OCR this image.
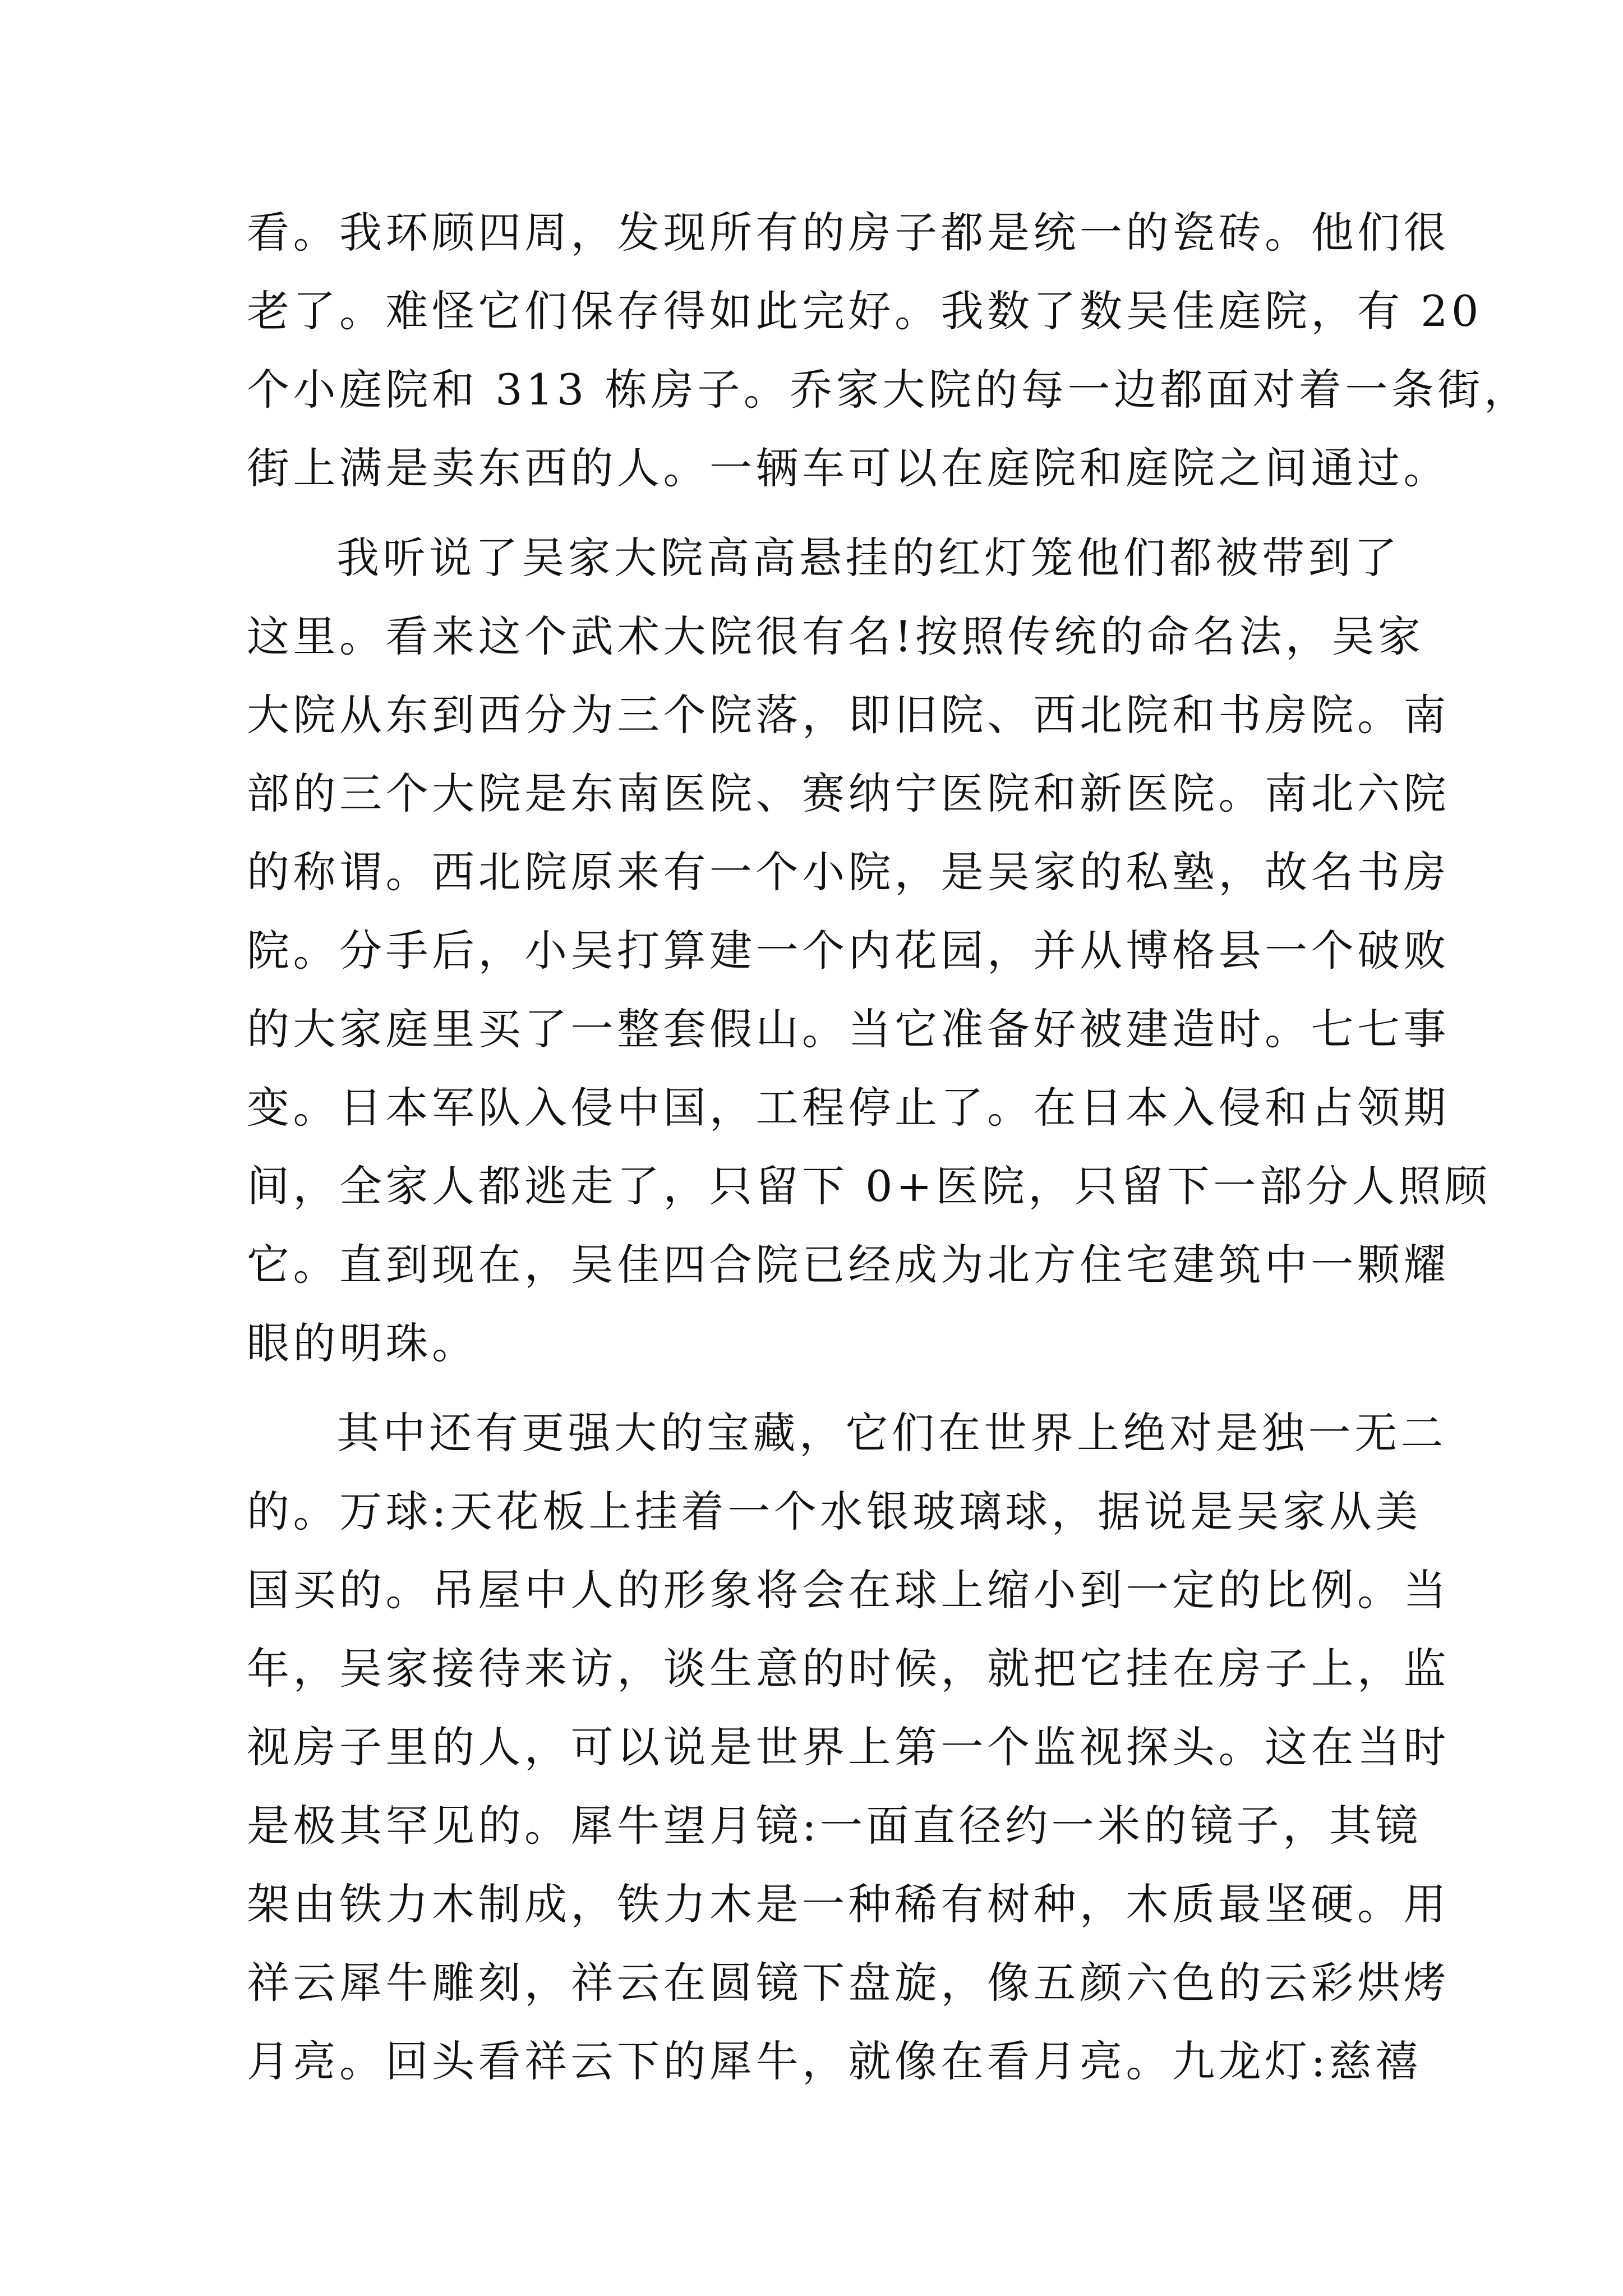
看。我环顾四周，发现所有的房子都是统一的瓷砖。他们很
老了。难怪它们保存得如此完好。我数了数吴佳庭院，有 20
个小庭院和 313 栋房子。乔家大院的每一边都面对着一条街，
街上满是卖东西的人。一辆车可以在庭院和庭院之间通过。
我听说了吴家大院高高悬挂的红灯笼他们都被带到了
这里。看来这个武术大院很有名!按照传统的命名法，吴家
大院从东到西分为三个院落，即旧院、西北院和书房院。南
部的三个大院是东南医院、赛纳宁医院和新医院。南北六院
的称谓。西北院原来有一个小院，是吴家的私塾，故名书房
院。分手后，小吴打算建一个内花园，并从博格县一个破败
的大家庭里买了一整套假山。当它准备好被建造时。七七事
变。日本军队入侵中国，工程停止了。在日本入侵和占领期
间，全家人都逃走了，只留下 0+医院，只留下一部分人照顾
它。直到现在，吴佳四合院已经成为北方住宅建筑中一颗耀
眼的明珠。
其中还有更强大的宝藏，它们在世界上绝对是独一无二
的。万球:天花板上挂着一个水银玻璃球，据说是吴家从美
国买的。吊屋中人的形象将会在球上缩小到一定的比例。当
年，吴家接待来访，谈生意的时候，就把它挂在房子上，监
视房子里的人，可以说是世界上第一个监视探头。这在当时
是极其罕见的。犀牛望月镜:一面直径约一米的镜子，其镜
架由铁力木制成，铁力木是一种稀有树种，木质最坚硬。用
祥云犀牛雕刻，祥云在圆镜下盘旋，像五颜六色的云彩烘烤
月亮。回头看祥云下的犀牛，就像在看月亮。九龙灯:慈禧
